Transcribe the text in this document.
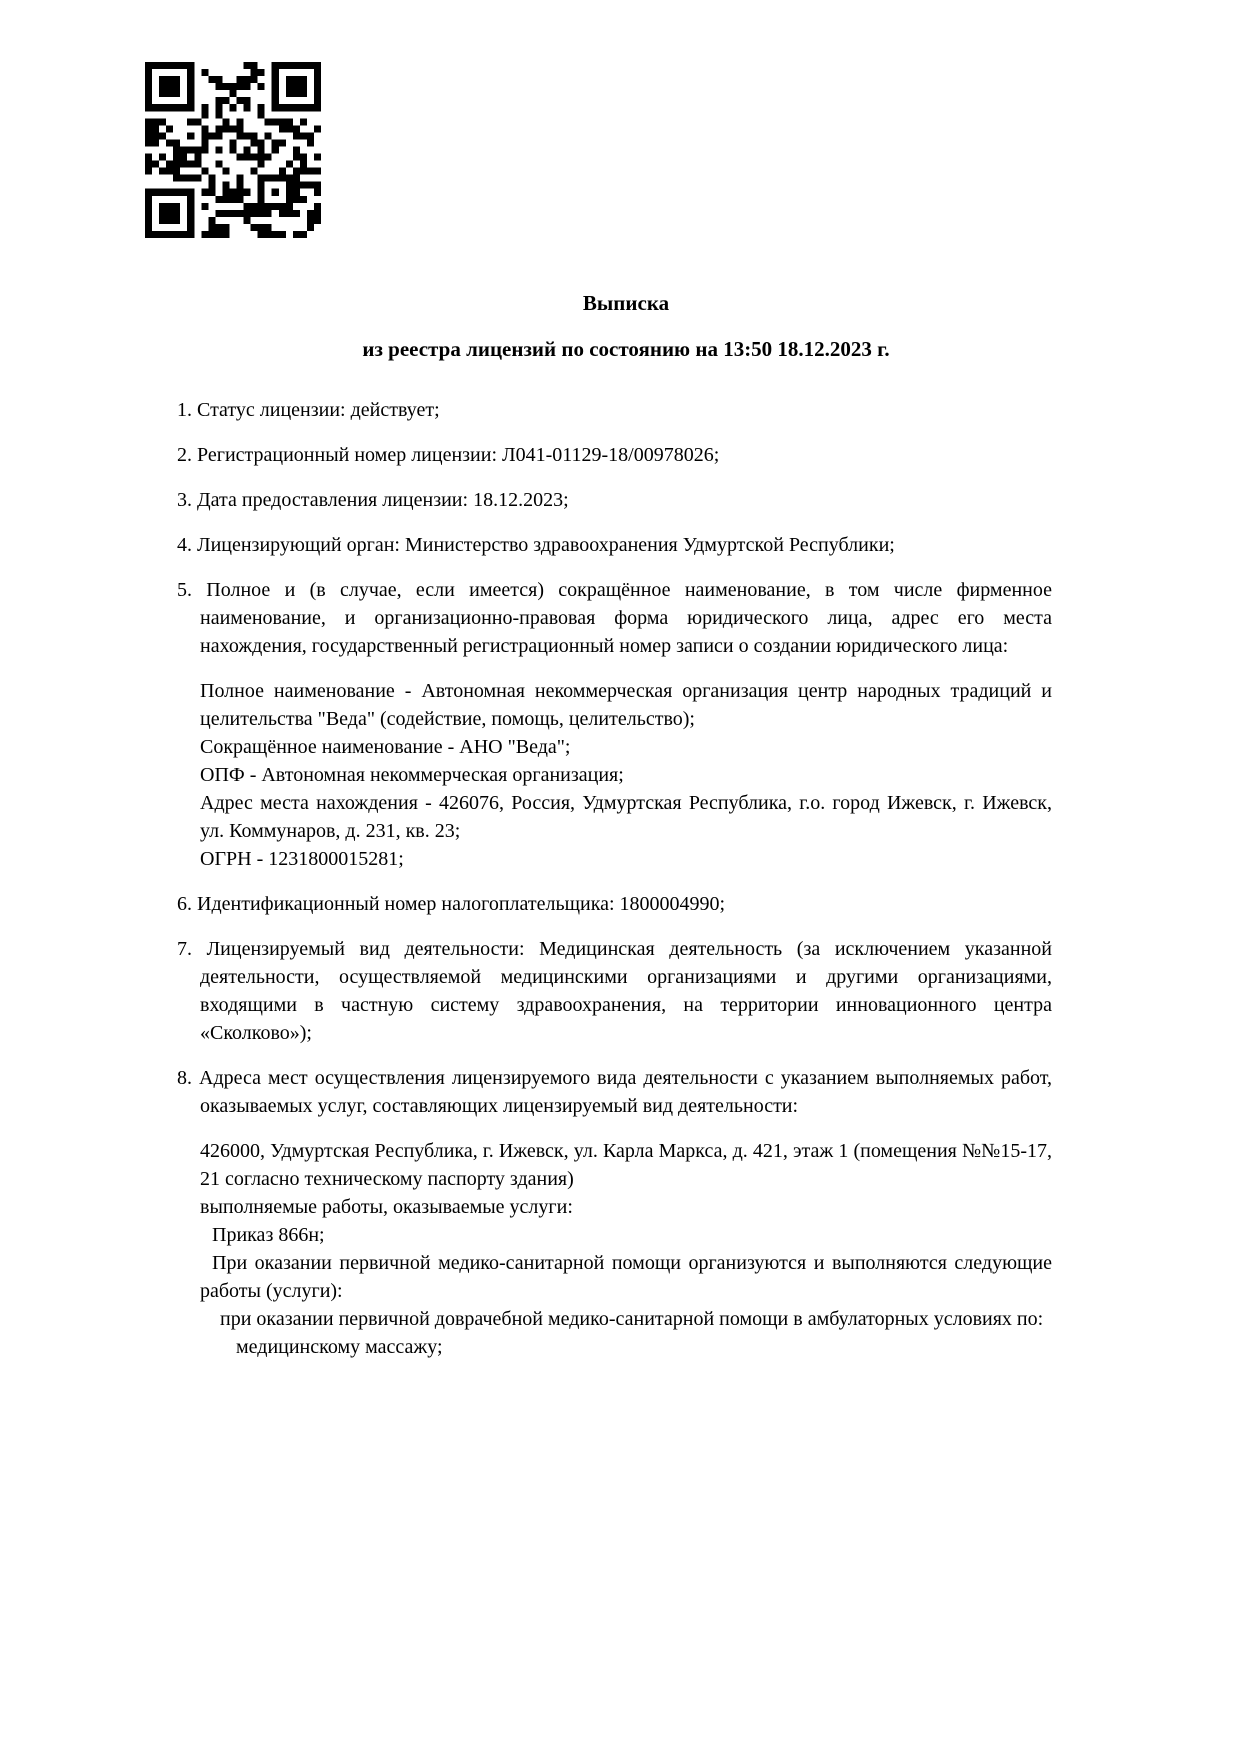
Выписка
из реестра лицензий по состоянию на 13:50 18.12.2023 г.

1. Статус лицензии: действует;

2. Регистрационный номер лицензии: Л041-01129-18/00978026;

3. Дата предоставления лицензии: 18.12.2023;

4. Лицензирующий орган: Министерство здравоохранения Удмуртской Республики;

5. Полное и (в случае, если имеется) сокращённое наименование, в том числе фирменное наименование, и организационно-правовая форма юридического лица, адрес его места нахождения, государственный регистрационный номер записи о создании юридического лица:

Полное наименование - Автономная некоммерческая организация центр народных традиций и целительства "Веда" (содействие, помощь, целительство);

Сокращённое наименование - АНО "Веда";

ОПФ - Автономная некоммерческая организация;

Адрес места нахождения - 426076, Россия, Удмуртская Республика, г.о. город Ижевск, г. Ижевск, ул. Коммунаров, д. 231, кв. 23;

ОГРН - 1231800015281;

6. Идентификационный номер налогоплательщика: 1800004990;

7. Лицензируемый вид деятельности: Медицинская деятельность (за исключением указанной деятельности, осуществляемой медицинскими организациями и другими организациями, входящими в частную систему здравоохранения, на территории инновационного центра «Сколково»);

8. Адреса мест осуществления лицензируемого вида деятельности с указанием выполняемых работ, оказываемых услуг, составляющих лицензируемый вид деятельности:

426000, Удмуртская Республика, г. Ижевск, ул. Карла Маркса, д. 421, этаж 1 (помещения №№15-17, 21 согласно техническому паспорту здания)

выполняемые работы, оказываемые услуги:

Приказ 866н;

При оказании первичной медико-санитарной помощи организуются и выполняются следующие работы (услуги):

при оказании первичной доврачебной медико-санитарной помощи в амбулаторных условиях по:

медицинскому массажу;
